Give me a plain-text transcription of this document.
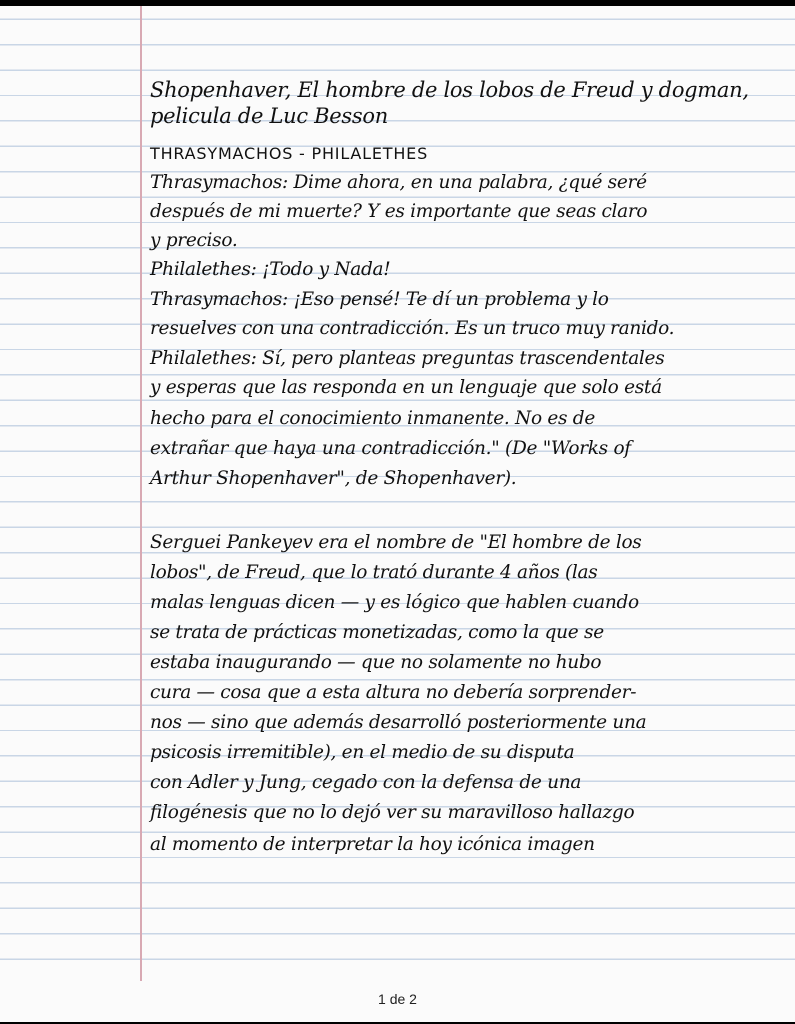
Shopenhaver, El hombre de los lobos de Freud y dogman,
pelicula de Luc Besson
THRASYMACHOS - PHILALETHES
Thrasymachos: Dime ahora, en una palabra, ¿qué seré
después de mi muerte? Y es importante que seas claro
y preciso.
Philalethes: ¡Todo y Nada!
Thrasymachos: ¡Eso pensé! Te dí un problema y lo
resuelves con una contradicción. Es un truco muy ranido.
Philalethes: Sí, pero planteas preguntas trascendentales
y esperas que las responda en un lenguaje que solo está
hecho para el conocimiento inmanente. No es de
extrañar que haya una contradicción." (De "Works of
Arthur Shopenhaver", de Shopenhaver).
Serguei Pankeyev era el nombre de "El hombre de los
lobos", de Freud, que lo trató durante 4 años (las
malas lenguas dicen — y es lógico que hablen cuando
se trata de prácticas monetizadas, como la que se
estaba inaugurando — que no solamente no hubo
cura — cosa que a esta altura no debería sorprender-
nos — sino que además desarrolló posteriormente una
psicosis irremitible), en el medio de su disputa
con Adler y Jung, cegado con la defensa de una
filogénesis que no lo dejó ver su maravilloso hallazgo
al momento de interpretar la hoy icónica imagen
1 de 2
